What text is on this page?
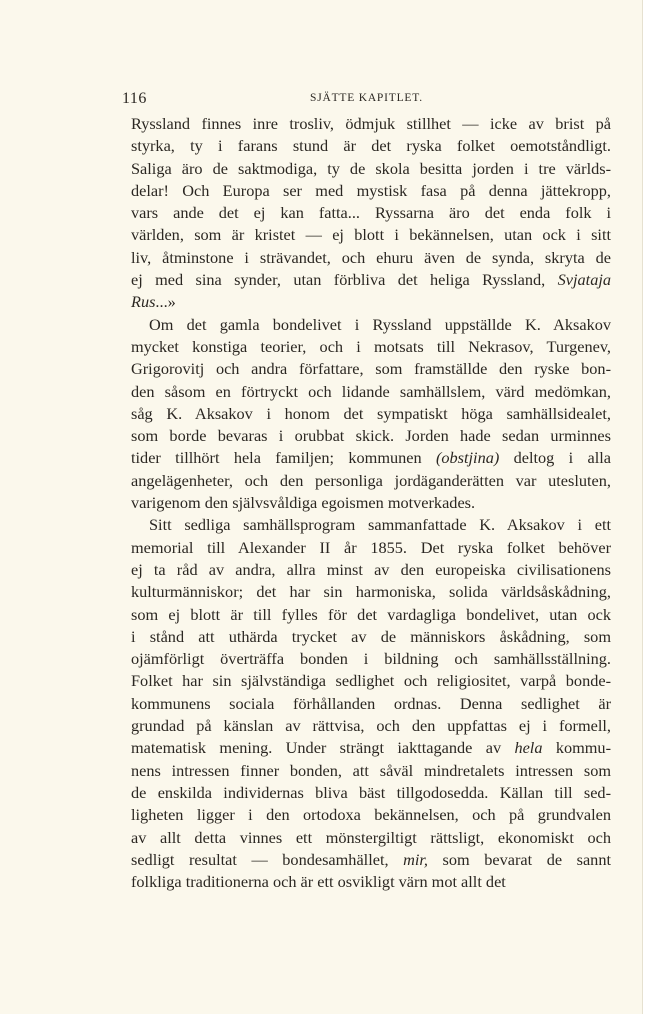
116	SJÄTTE KAPITLET.
Ryssland finnes inre trosliv, ödmjuk stillhet — icke av brist på
styrka, ty i farans stund är det ryska folket oemotståndligt.
Saliga äro de saktmodiga, ty de skola besitta jorden i tre världs-
delar! Och Europa ser med mystisk fasa på denna jättekropp,
vars ande det ej kan fatta... Ryssarna äro det enda folk i
världen, som är kristet — ej blott i bekännelsen, utan ock i sitt
liv, åtminstone i strävandet, och ehuru även de synda, skryta de
ej med sina synder, utan förbliva det heliga Ryssland, Svjataja
Rus...»
Om det gamla bondelivet i Ryssland uppställde K. Aksakov
mycket konstiga teorier, och i motsats till Nekrasov, Turgenev,
Grigorovitj och andra författare, som framställde den ryske bon-
den såsom en förtryckt och lidande samhällslem, värd medömkan,
såg K. Aksakov i honom det sympatiskt höga samhällsidealet,
som borde bevaras i orubbat skick. Jorden hade sedan urminnes
tider tillhört hela familjen; kommunen (obstjina) deltog i alla
angelägenheter, och den personliga jordäganderätten var utesluten,
varigenom den självsvåldiga egoismen motverkades.
Sitt sedliga samhällsprogram sammanfattade K. Aksakov i ett
memorial till Alexander II år 1855. Det ryska folket behöver
ej ta råd av andra, allra minst av den europeiska civilisationens
kulturmänniskor; det har sin harmoniska, solida världsåskådning,
som ej blott är till fylles för det vardagliga bondelivet, utan ock
i stånd att uthärda trycket av de människors åskådning, som
ojämförligt överträffa bonden i bildning och samhällsställning.
Folket har sin självständiga sedlighet och religiositet, varpå bonde-
kommunens sociala förhållanden ordnas. Denna sedlighet är
grundad på känslan av rättvisa, och den uppfattas ej i formell,
matematisk mening. Under strängt iakttagande av hela kommu-
nens intressen finner bonden, att såväl mindretalets intressen som
de enskilda individernas bliva bäst tillgodosedda. Källan till sed-
ligheten ligger i den ortodoxa bekännelsen, och på grundvalen
av allt detta vinnes ett mönstergiltigt rättsligt, ekonomiskt och
sedligt resultat — bondesamhället, mir, som bevarat de sannt
folkliga traditionerna och är ett osvikligt värn mot allt det
